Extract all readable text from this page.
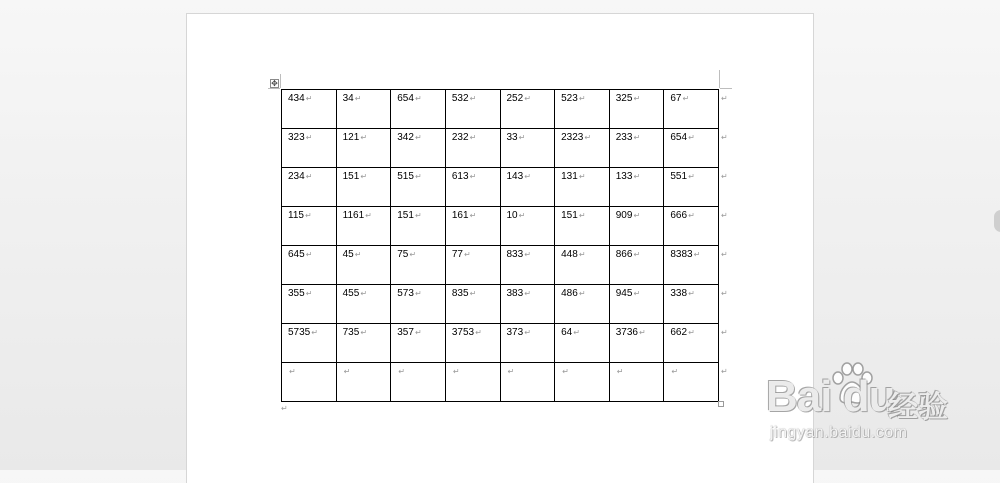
✥
434↵	34↵	654↵	532↵	252↵	523↵	325↵	67↵
323↵	121↵	342↵	232↵	33↵	2323↵	233↵	654↵
234↵	151↵	515↵	613↵	143↵	131↵	133↵	551↵
115↵	1161↵	151↵	161↵	10↵	151↵	909↵	666↵
645↵	45↵	75↵	77↵	833↵	448↵	866↵	8383↵
355↵	455↵	573↵	835↵	383↵	486↵	945↵	338↵
5735↵	735↵	357↵	3753↵	373↵	64↵	3736↵	662↵
↵	↵	↵	↵	↵	↵	↵	↵
↵
↵
↵
↵
↵
↵
↵
↵
↵	Bai du
经验
jingyan.baidu.com
